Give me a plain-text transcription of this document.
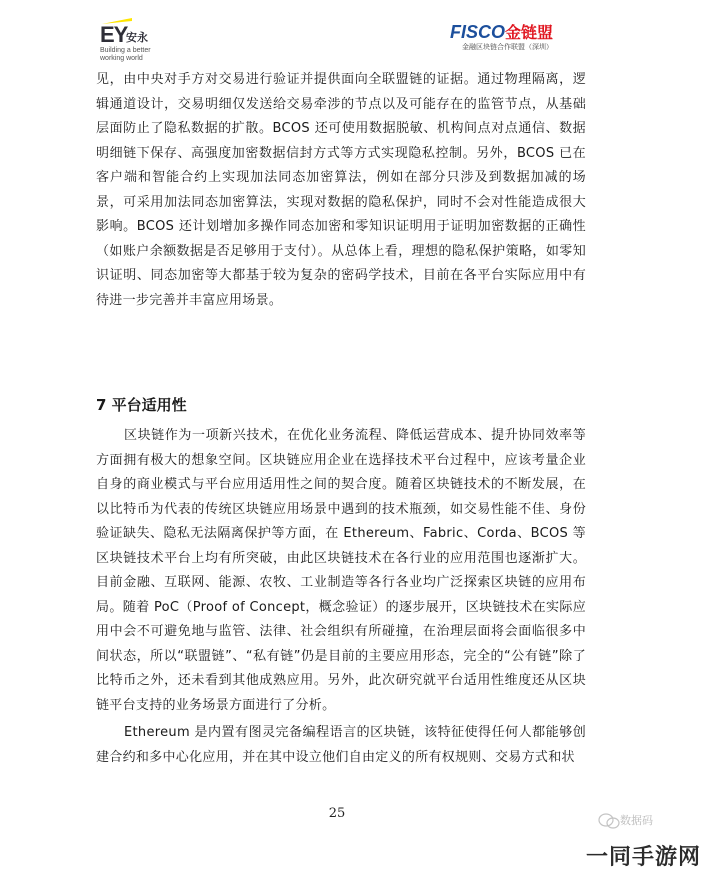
EY
安永
Building a better
working world
FISCO金链盟
金融区块链合作联盟（深圳）

见，由中央对手方对交易进行验证并提供面向全联盟链的证据。通过物理隔离，逻辑通道设计，交易明细仅发送给交易牵涉的节点以及可能存在的监管节点，从基础层面防止了隐私数据的扩散。BCOS 还可使用数据脱敏、机构间点对点通信、数据明细链下保存、高强度加密数据信封方式等方式实现隐私控制。另外，BCOS 已在客户端和智能合约上实现加法同态加密算法，例如在部分只涉及到数据加减的场景，可采用加法同态加密算法，实现对数据的隐私保护，同时不会对性能造成很大影响。BCOS 还计划增加多操作同态加密和零知识证明用于证明加密数据的正确性（如账户余额数据是否足够用于支付）。从总体上看，理想的隐私保护策略，如零知识证明、同态加密等大都基于较为复杂的密码学技术，目前在各平台实际应用中有待进一步完善并丰富应用场景。

7 平台适用性

区块链作为一项新兴技术，在优化业务流程、降低运营成本、提升协同效率等方面拥有极大的想象空间。区块链应用企业在选择技术平台过程中，应该考量企业自身的商业模式与平台应用适用性之间的契合度。随着区块链技术的不断发展，在以比特币为代表的传统区块链应用场景中遇到的技术瓶颈，如交易性能不佳、身份验证缺失、隐私无法隔离保护等方面，在 Ethereum、Fabric、Corda、BCOS 等区块链技术平台上均有所突破，由此区块链技术在各行业的应用范围也逐渐扩大。目前金融、互联网、能源、农牧、工业制造等各行各业均广泛探索区块链的应用布局。随着 PoC（Proof of Concept，概念验证）的逐步展开，区块链技术在实际应用中会不可避免地与监管、法律、社会组织有所碰撞，在治理层面将会面临很多中间状态，所以“联盟链”、“私有链”仍是目前的主要应用形态，完全的“公有链”除了比特币之外，还未看到其他成熟应用。另外，此次研究就平台适用性维度还从区块链平台支持的业务场景方面进行了分析。

Ethereum 是内置有图灵完备编程语言的区块链，该特征使得任何人都能够创建合约和多中心化应用，并在其中设立他们自由定义的所有权规则、交易方式和状

25	数据码
一同手游网
